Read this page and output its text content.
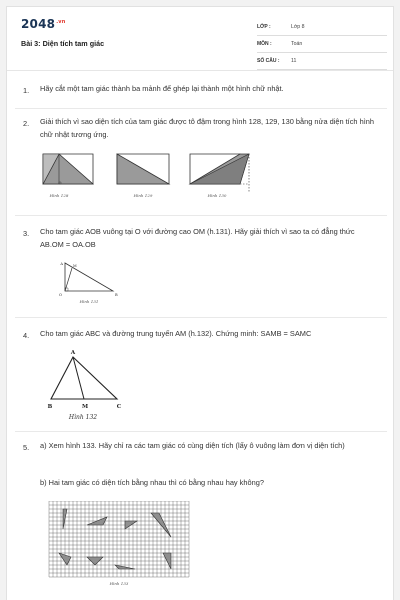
$2048^{.vn}$
Bài 3: Diện tích tam giác
LỚP :	Lớp 8
MÔN :	Toán
SỐ CÂU : 11
1. Hãy cắt một tam giác thành ba mảnh để ghép lại thành một hình chữ nhật.
2. Giải thích vì sao diện tích của tam giác được tô đậm trong hình 128, 129, 130 bằng nửa diện tích hình chữ nhật tương ứng.
Hình 128	Hình 129	Hình 130
3. Cho tam giác AOB vuông tại O với đường cao OM (h.131). Hãy giải thích vì sao ta có đẳng thức AB.OM = OA.OB
A	M
O	B
Hình 131
4. Cho tam giác ABC và đường trung tuyến AM (h.132). Chứng minh: SAMB = SAMC
A
B	M	C
Hình 132
5. a) Xem hình 133. Hãy chỉ ra các tam giác có cùng diện tích (lấy ô vuông làm đơn vị diện tích)
b) Hai tam giác có diện tích bằng nhau thì có bằng nhau hay không?
Hình 133
